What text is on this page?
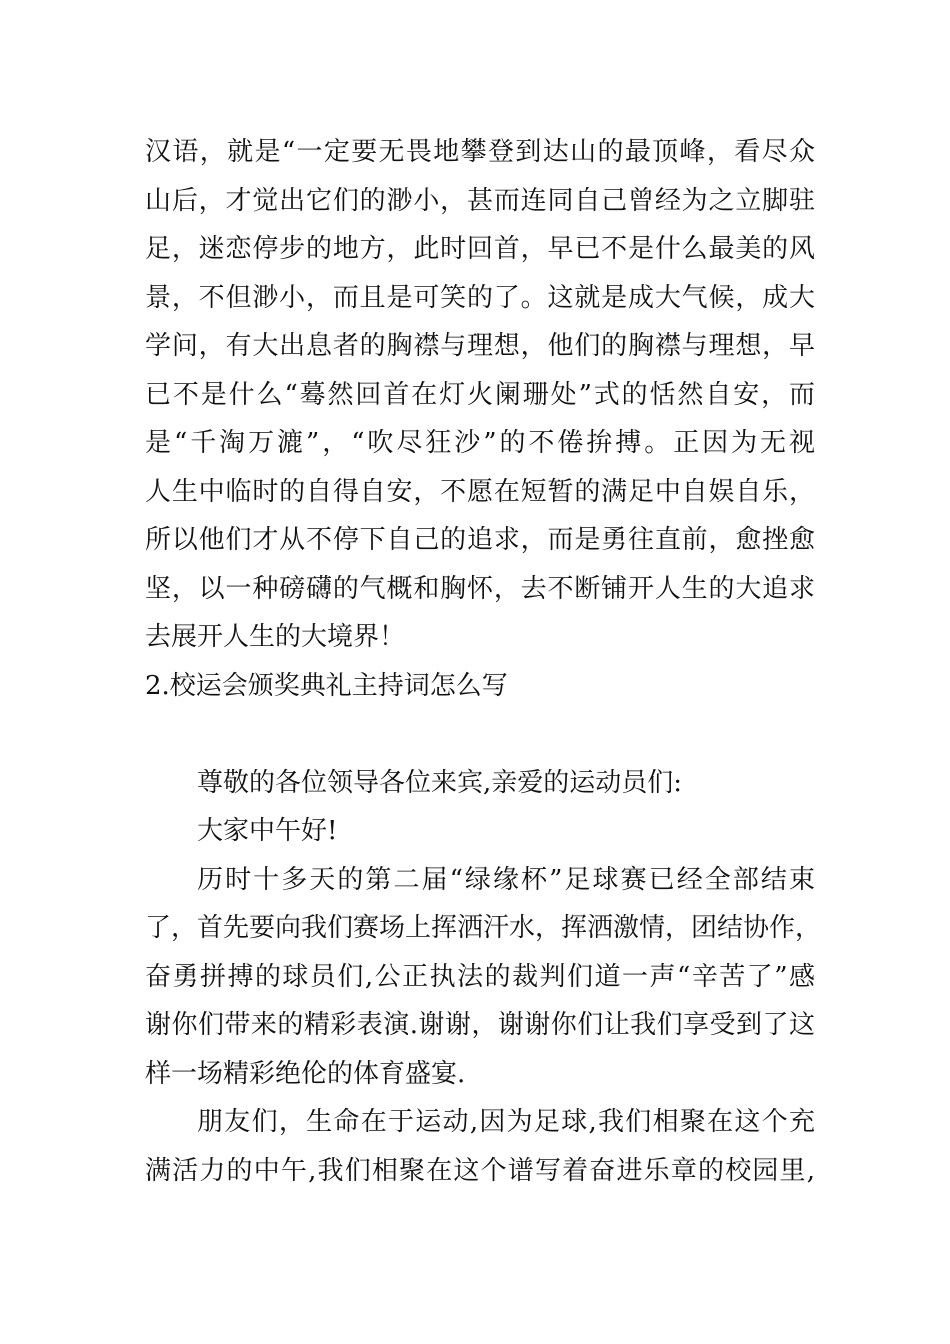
汉语，就是“一定要无畏地攀登到达山的最顶峰，看尽众
山后，才觉出它们的渺小，甚而连同自己曾经为之立脚驻
足，迷恋停步的地方，此时回首，早已不是什么最美的风
景，不但渺小，而且是可笑的了。这就是成大气候，成大
学问，有大出息者的胸襟与理想，他们的胸襟与理想，早
已不是什么“蓦然回首在灯火阑珊处”式的恬然自安，而
是“千淘万漉”，“吹尽狂沙”的不倦拚搏。正因为无视
人生中临时的自得自安，不愿在短暂的满足中自娱自乐，
所以他们才从不停下自己的追求，而是勇往直前，愈挫愈
坚，以一种磅礴的气概和胸怀，去不断铺开人生的大追求
去展开人生的大境界！
2.校运会颁奖典礼主持词怎么写
尊敬的各位领导各位来宾,亲爱的运动员们:
大家中午好!
历时十多天的第二届“绿缘杯”足球赛已经全部结束
了，首先要向我们赛场上挥洒汗水，挥洒激情，团结协作，
奋勇拼搏的球员们,公正执法的裁判们道一声“辛苦了”感
谢你们带来的精彩表演.谢谢，谢谢你们让我们享受到了这
样一场精彩绝伦的体育盛宴.
朋友们，生命在于运动,因为足球,我们相聚在这个充
满活力的中午,我们相聚在这个谱写着奋进乐章的校园里,
